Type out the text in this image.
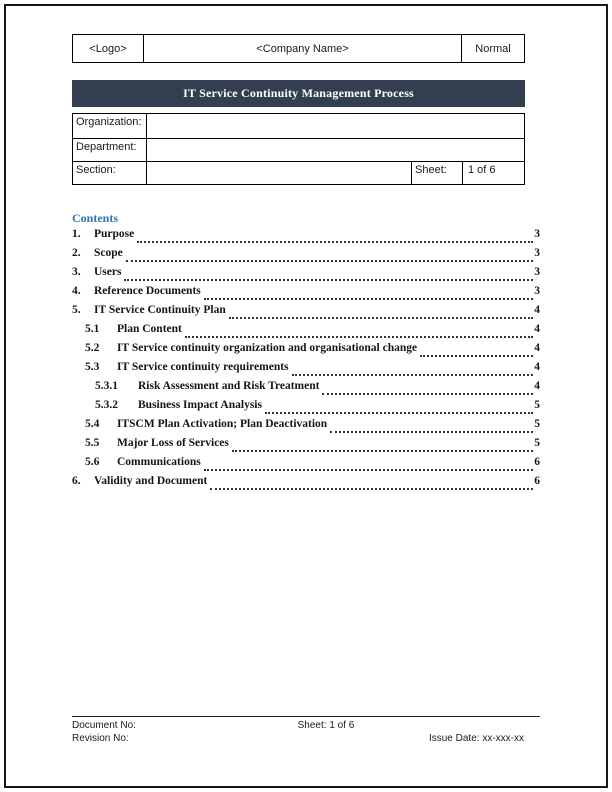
<Logo>	<Company Name>	Normal
IT Service Continuity Management Process
Organization:
Department:
Section:	Sheet:	1 of 6
Contents
1.	Purpose	3
2.	Scope	3
3.	Users	3
4.	Reference Documents	3
5.	IT Service Continuity Plan	4
5.1	Plan Content	4
5.2	IT Service continuity organization and organisational change	4
5.3	IT Service continuity requirements	4
5.3.1	Risk Assessment and Risk Treatment	4
5.3.2	Business Impact Analysis	5
5.4	ITSCM Plan Activation; Plan Deactivation	5
5.5	Major Loss of Services	5
5.6	Communications	6
6.	Validity and Document	6
Document No:	Sheet: 1 of 6
Revision No:	Issue Date: xx-xxx-xx
